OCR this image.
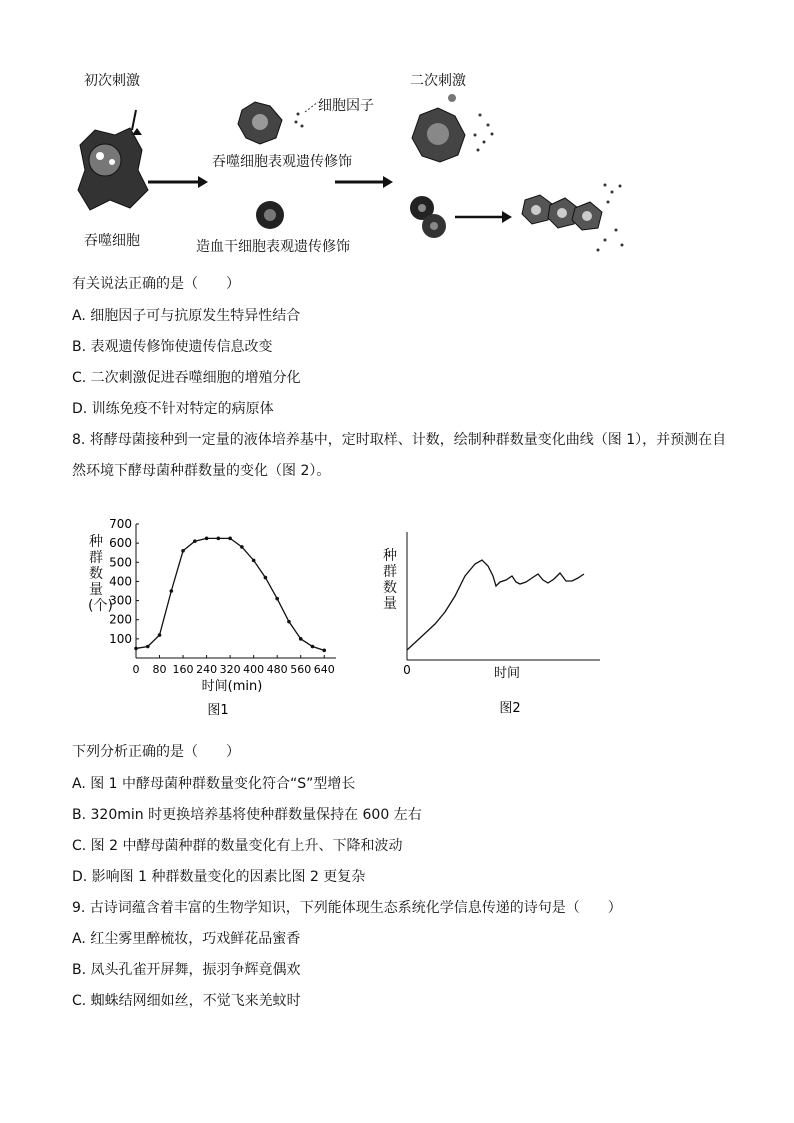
初次刺激	二次刺激
细胞因子
吞噬细胞表观遗传修饰
吞噬细胞	造血干细胞表观遗传修饰
有关说法正确的是（　　）
A. 细胞因子可与抗原发生特异性结合
B. 表观遗传修饰使遗传信息改变
C. 二次刺激促进吞噬细胞的增殖分化
D. 训练免疫不针对特定的病原体
8. 将酵母菌接种到一定量的液体培养基中，定时取样、计数，绘制种群数量变化曲线（图 1），并预测在自
然环境下酵母菌种群数量的变化（图 2）。
100
200
300
400
500
600
700
0 80 160 240 320 400 480 560 640
时间(min)
图1
种群数量(个)
0	时间
图2
种群数量
下列分析正确的是（　　）
A. 图 1 中酵母菌种群数量变化符合“S”型增长
B. 320min 时更换培养基将使种群数量保持在 600 左右
C. 图 2 中酵母菌种群的数量变化有上升、下降和波动
D. 影响图 1 种群数量变化的因素比图 2 更复杂
9. 古诗词蕴含着丰富的生物学知识，下列能体现生态系统化学信息传递的诗句是（　　）
A. 红尘雾里醉梳妆，巧戏鲜花品蜜香
B. 凤头孔雀开屏舞，振羽争辉竟偶欢
C. 蜘蛛结网细如丝，不觉飞来羌蚊时
